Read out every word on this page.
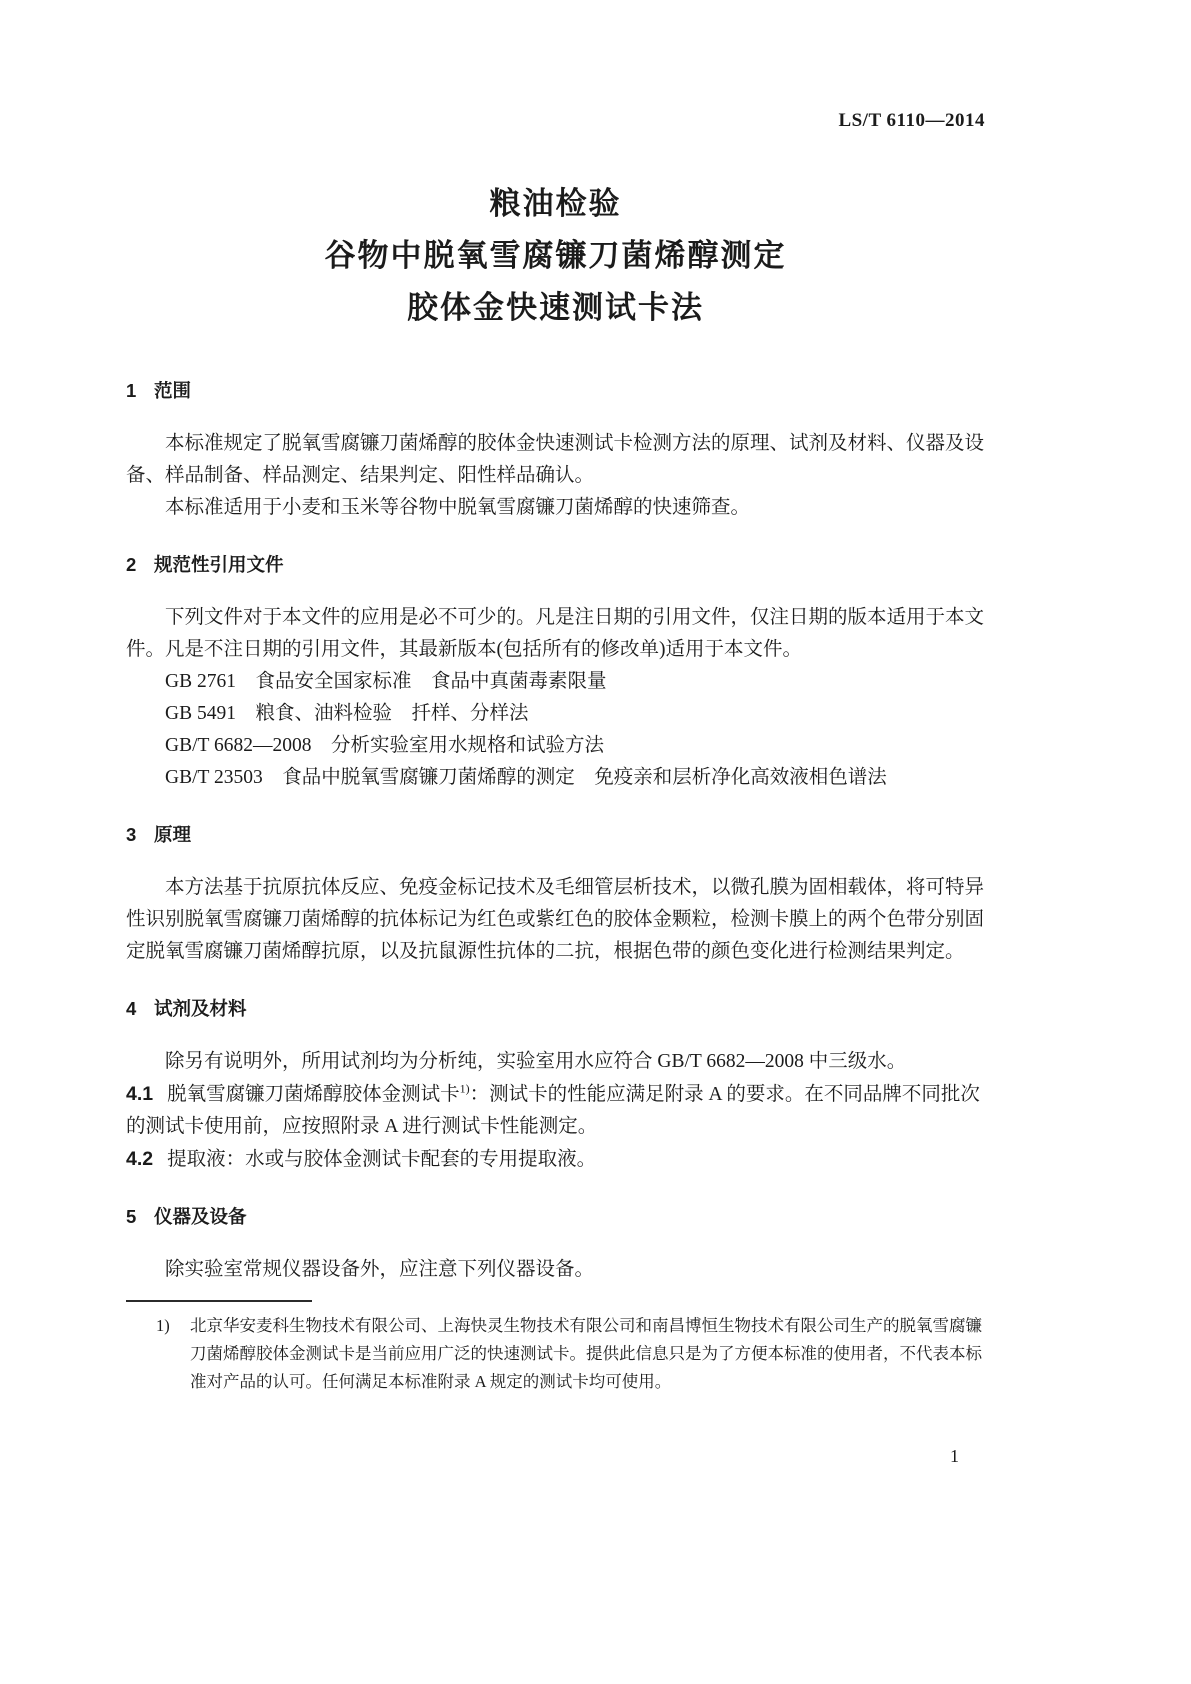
LS/T 6110—2014
粮油检验
谷物中脱氧雪腐镰刀菌烯醇测定
胶体金快速测试卡法
1 范围

本标准规定了脱氧雪腐镰刀菌烯醇的胶体金快速测试卡检测方法的原理、试剂及材料、仪器及设备、样品制备、样品测定、结果判定、阳性样品确认。

本标准适用于小麦和玉米等谷物中脱氧雪腐镰刀菌烯醇的快速筛查。

2 规范性引用文件

下列文件对于本文件的应用是必不可少的。凡是注日期的引用文件，仅注日期的版本适用于本文件。凡是不注日期的引用文件，其最新版本(包括所有的修改单)适用于本文件。

GB 2761　食品安全国家标准　食品中真菌毒素限量

GB 5491　粮食、油料检验　扦样、分样法

GB/T 6682—2008　分析实验室用水规格和试验方法

GB/T 23503　食品中脱氧雪腐镰刀菌烯醇的测定　免疫亲和层析净化高效液相色谱法

3 原理

本方法基于抗原抗体反应、免疫金标记技术及毛细管层析技术，以微孔膜为固相载体，将可特异性识别脱氧雪腐镰刀菌烯醇的抗体标记为红色或紫红色的胶体金颗粒，检测卡膜上的两个色带分别固定脱氧雪腐镰刀菌烯醇抗原，以及抗鼠源性抗体的二抗，根据色带的颜色变化进行检测结果判定。

4 试剂及材料

除另有说明外，所用试剂均为分析纯，实验室用水应符合 GB/T 6682—2008 中三级水。

4.1 脱氧雪腐镰刀菌烯醇胶体金测试卡$^{1)}$：测试卡的性能应满足附录 A 的要求。在不同品牌不同批次的测试卡使用前，应按照附录 A 进行测试卡性能测定。

4.2 提取液：水或与胶体金测试卡配套的专用提取液。

5 仪器及设备

除实验室常规仪器设备外，应注意下列仪器设备。

1) 北京华安麦科生物技术有限公司、上海快灵生物技术有限公司和南昌博恒生物技术有限公司生产的脱氧雪腐镰刀菌烯醇胶体金测试卡是当前应用广泛的快速测试卡。提供此信息只是为了方便本标准的使用者，不代表本标准对产品的认可。任何满足本标准附录 A 规定的测试卡均可使用。
1
